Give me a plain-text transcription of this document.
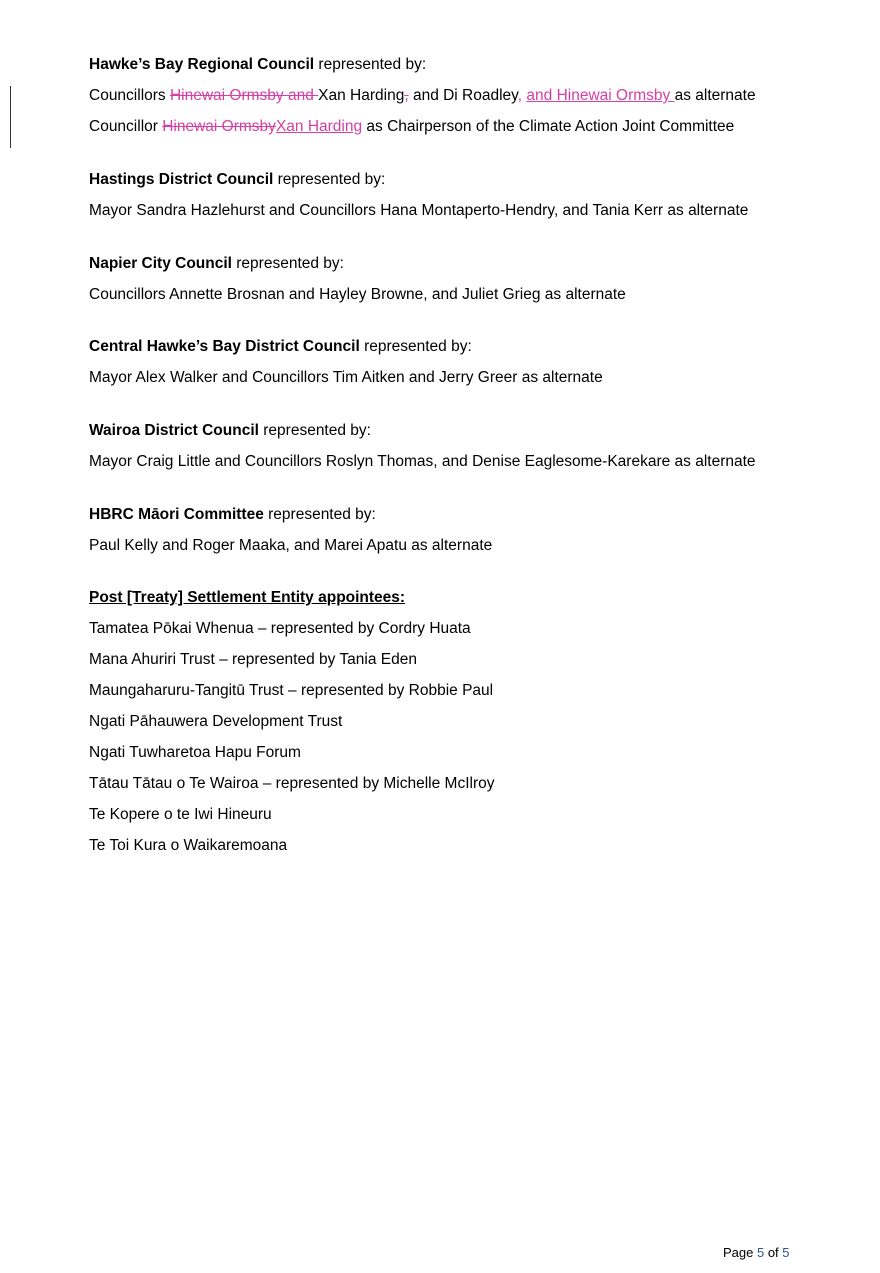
Hawke’s Bay Regional Council represented by:
Councillors Hinewai Ormsby and Xan Harding, and Di Roadley, and Hinewai Ormsby as alternate
Councillor Hinewai OrmsbyXan Harding as Chairperson of the Climate Action Joint Committee
Hastings District Council represented by:
Mayor Sandra Hazlehurst and Councillors Hana Montaperto-Hendry, and Tania Kerr as alternate
Napier City Council represented by:
Councillors Annette Brosnan and Hayley Browne, and Juliet Grieg as alternate
Central Hawke’s Bay District Council represented by:
Mayor Alex Walker and Councillors Tim Aitken and Jerry Greer as alternate
Wairoa District Council represented by:
Mayor Craig Little and Councillors Roslyn Thomas, and Denise Eaglesome-Karekare as alternate
HBRC Māori Committee represented by:
Paul Kelly and Roger Maaka, and Marei Apatu as alternate
Post [Treaty] Settlement Entity appointees:
Tamatea Pōkai Whenua – represented by Cordry Huata
Mana Ahuriri Trust – represented by Tania Eden
Maungaharuru-Tangitū Trust – represented by Robbie Paul
Ngati Pāhauwera Development Trust
Ngati Tuwharetoa Hapu Forum
Tātau Tātau o Te Wairoa – represented by Michelle McIlroy
Te Kopere o te Iwi Hineuru
Te Toi Kura o Waikaremoana
Page 5 of 5
